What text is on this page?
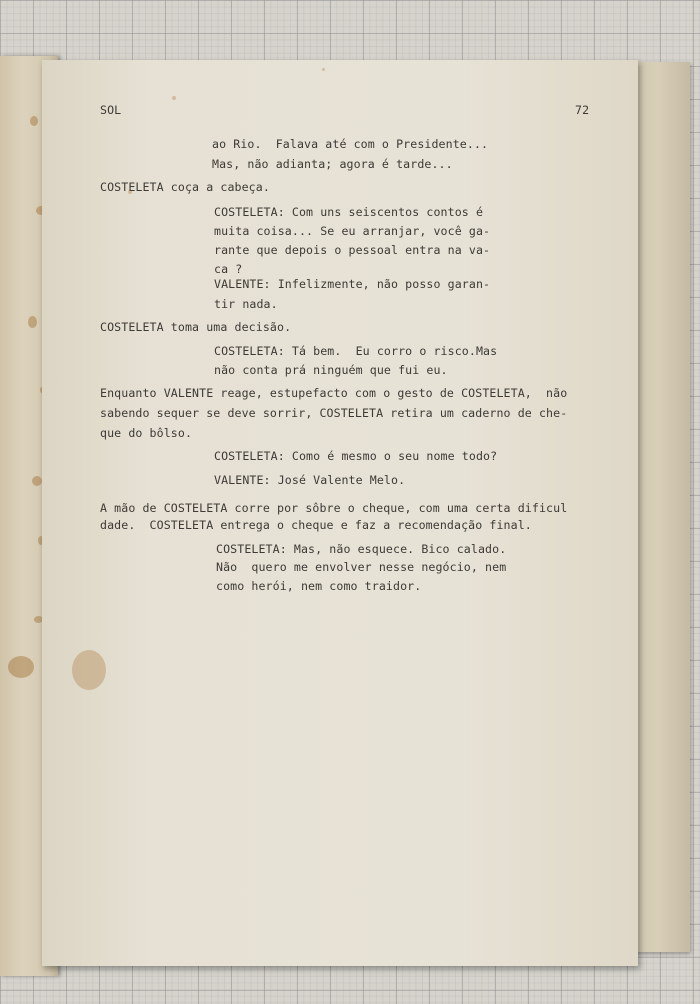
SOL	72
ao Rio.  Falava até com o Presidente...
Mas, não adianta; agora é tarde...
COSTELETA coça a cabeça.
COSTELETA: Com uns seiscentos contos é
muita coisa... Se eu arranjar, você ga-
rante que depois o pessoal entra na va-
ca ?
VALENTE: Infelizmente, não posso garan-
tir nada.
COSTELETA toma uma decisão.
COSTELETA: Tá bem.  Eu corro o risco.Mas
não conta prá ninguém que fui eu.
Enquanto VALENTE reage, estupefacto com o gesto de COSTELETA,  não
sabendo sequer se deve sorrir, COSTELETA retira um caderno de che-
que do bôlso.
COSTELETA: Como é mesmo o seu nome todo?
VALENTE: José Valente Melo.
A mão de COSTELETA corre por sôbre o cheque, com uma certa dificul
dade.  COSTELETA entrega o cheque e faz a recomendação final.
COSTELETA: Mas, não esquece. Bico calado.
Não  quero me envolver nesse negócio, nem
como herói, nem como traidor.
